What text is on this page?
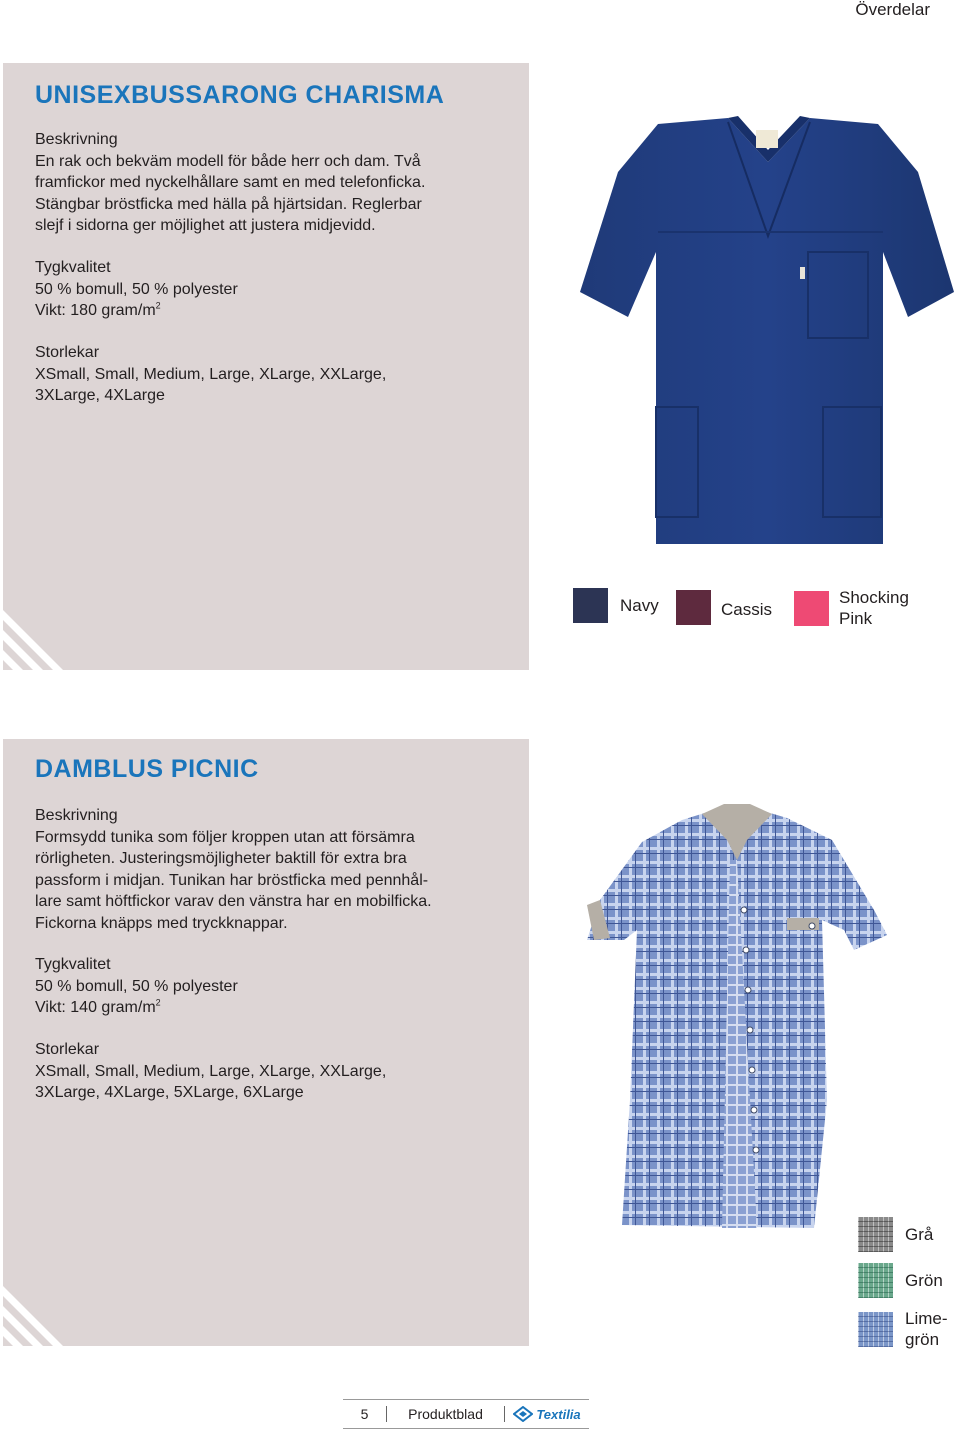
Överdelar
UNISEXBUSSARONG CHARISMA
Beskrivning

En rak och bekväm modell för både herr och dam. Två

framfickor med nyckelhållare samt en med telefonficka.

Stängbar bröstficka med hälla på hjärtsidan. Reglerbar

slejf i sidorna ger möjlighet att justera midjevidd.

Tygkvalitet

50 % bomull, 50 % polyester

Vikt: 180 gram/$m^2$

Storlekar

XSmall, Small, Medium, Large, XLarge, XXLarge,

3XLarge, 4XLarge

Navy	Cassis
Shocking
Pink
DAMBLUS PICNIC
Beskrivning

Formsydd tunika som följer kroppen utan att försämra

rörligheten. Justeringsmöjligheter baktill för extra bra

passform i midjan. Tunikan har bröstficka med pennhål-

lare samt höftfickor varav den vänstra har en mobilficka.

Fickorna knäpps med tryckknappar.

Tygkvalitet

50 % bomull, 50 % polyester

Vikt: 140 gram/$m^2$

Storlekar

XSmall, Small, Medium, Large, XLarge, XXLarge,

3XLarge, 4XLarge, 5XLarge, 6XLarge

Grå
Grön
Lime-
grön
5	Produktblad	Textilia
